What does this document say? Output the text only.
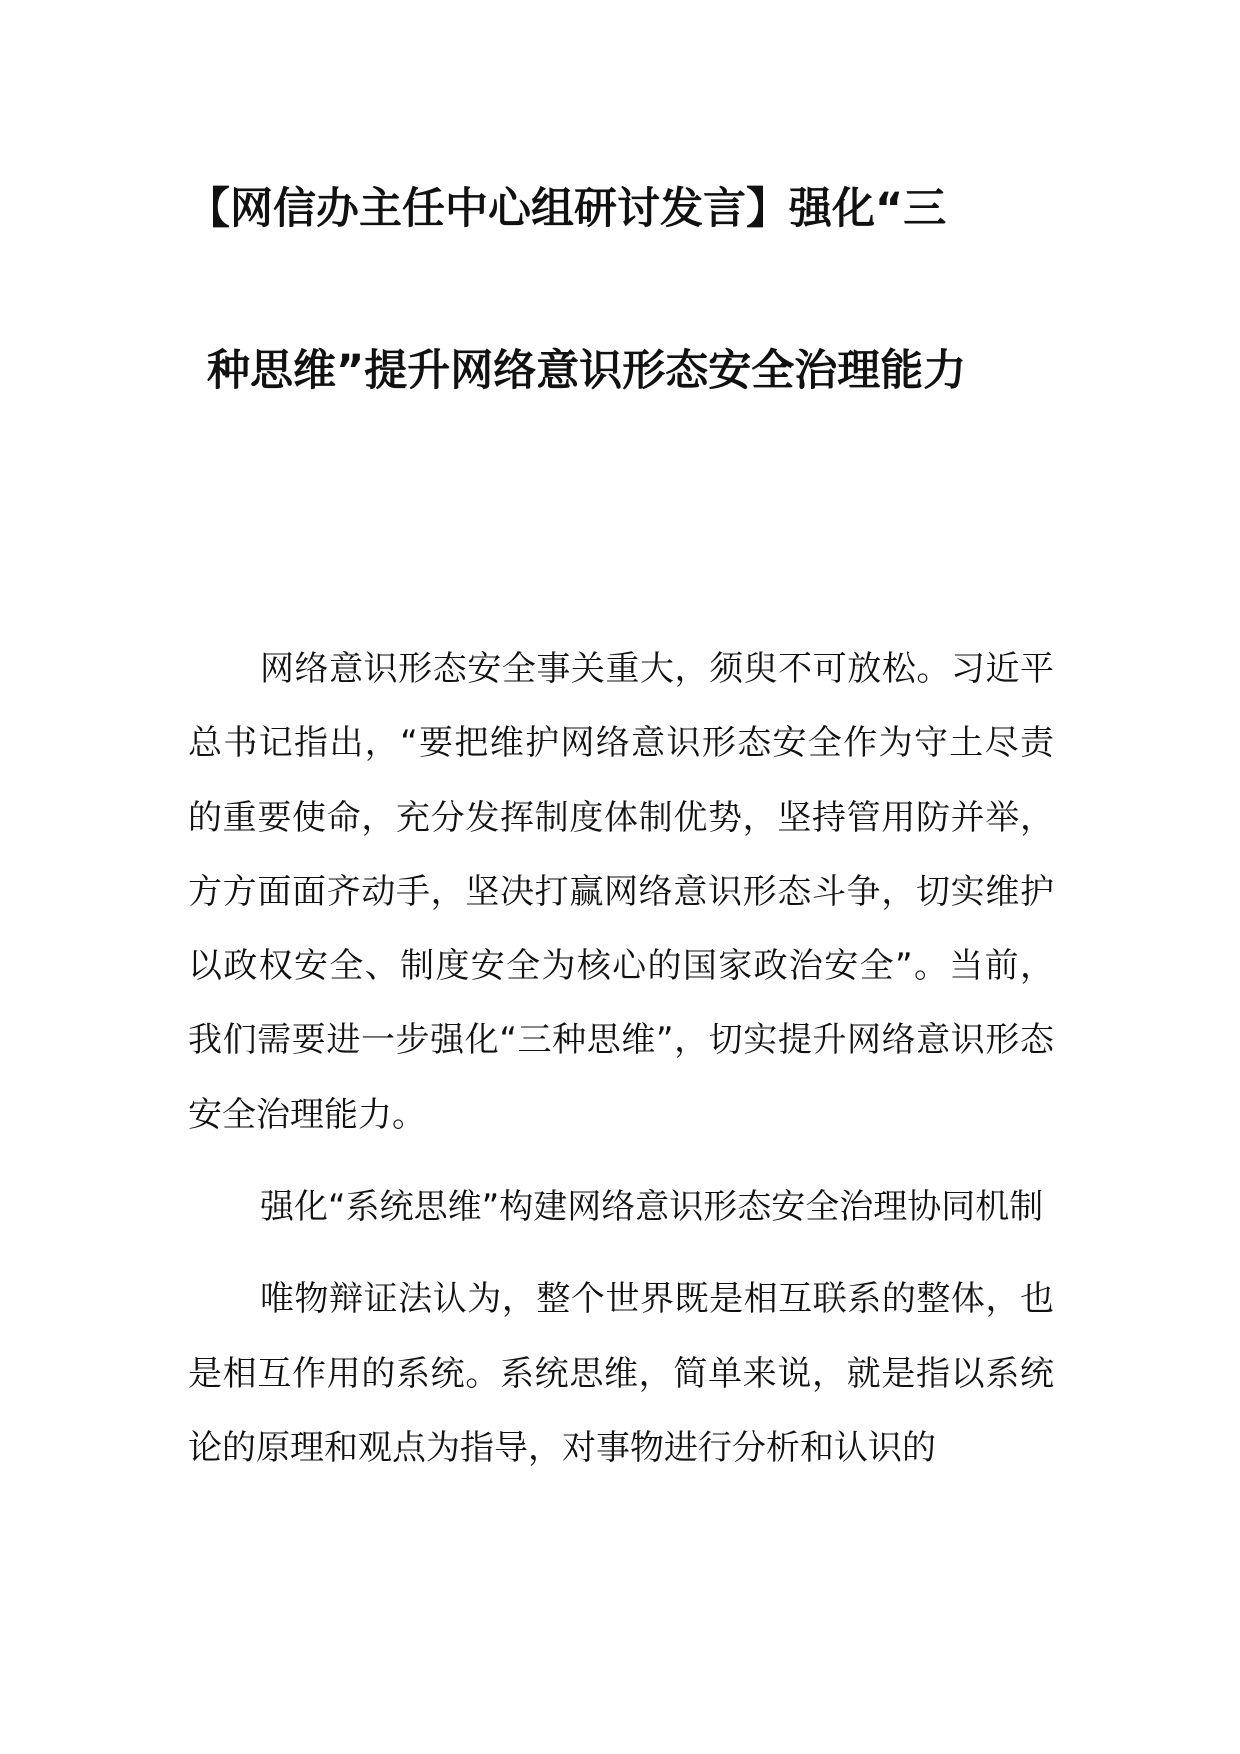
【网信办主任中心组研讨发言】强化“三
种思维”提升网络意识形态安全治理能力

网络意识形态安全事关重大，须臾不可放松。习近平总书记指出，“要把维护网络意识形态安全作为守土尽责的重要使命，充分发挥制度体制优势，坚持管用防并举，方方面面齐动手，坚决打赢网络意识形态斗争，切实维护以政权安全、制度安全为核心的国家政治安全”。当前，我们需要进一步强化“三种思维”，切实提升网络意识形态安全治理能力。

强化“系统思维”构建网络意识形态安全治理协同机制

唯物辩证法认为，整个世界既是相互联系的整体，也是相互作用的系统。系统思维，简单来说，就是指以系统论的原理和观点为指导，对事物进行分析和认识的
